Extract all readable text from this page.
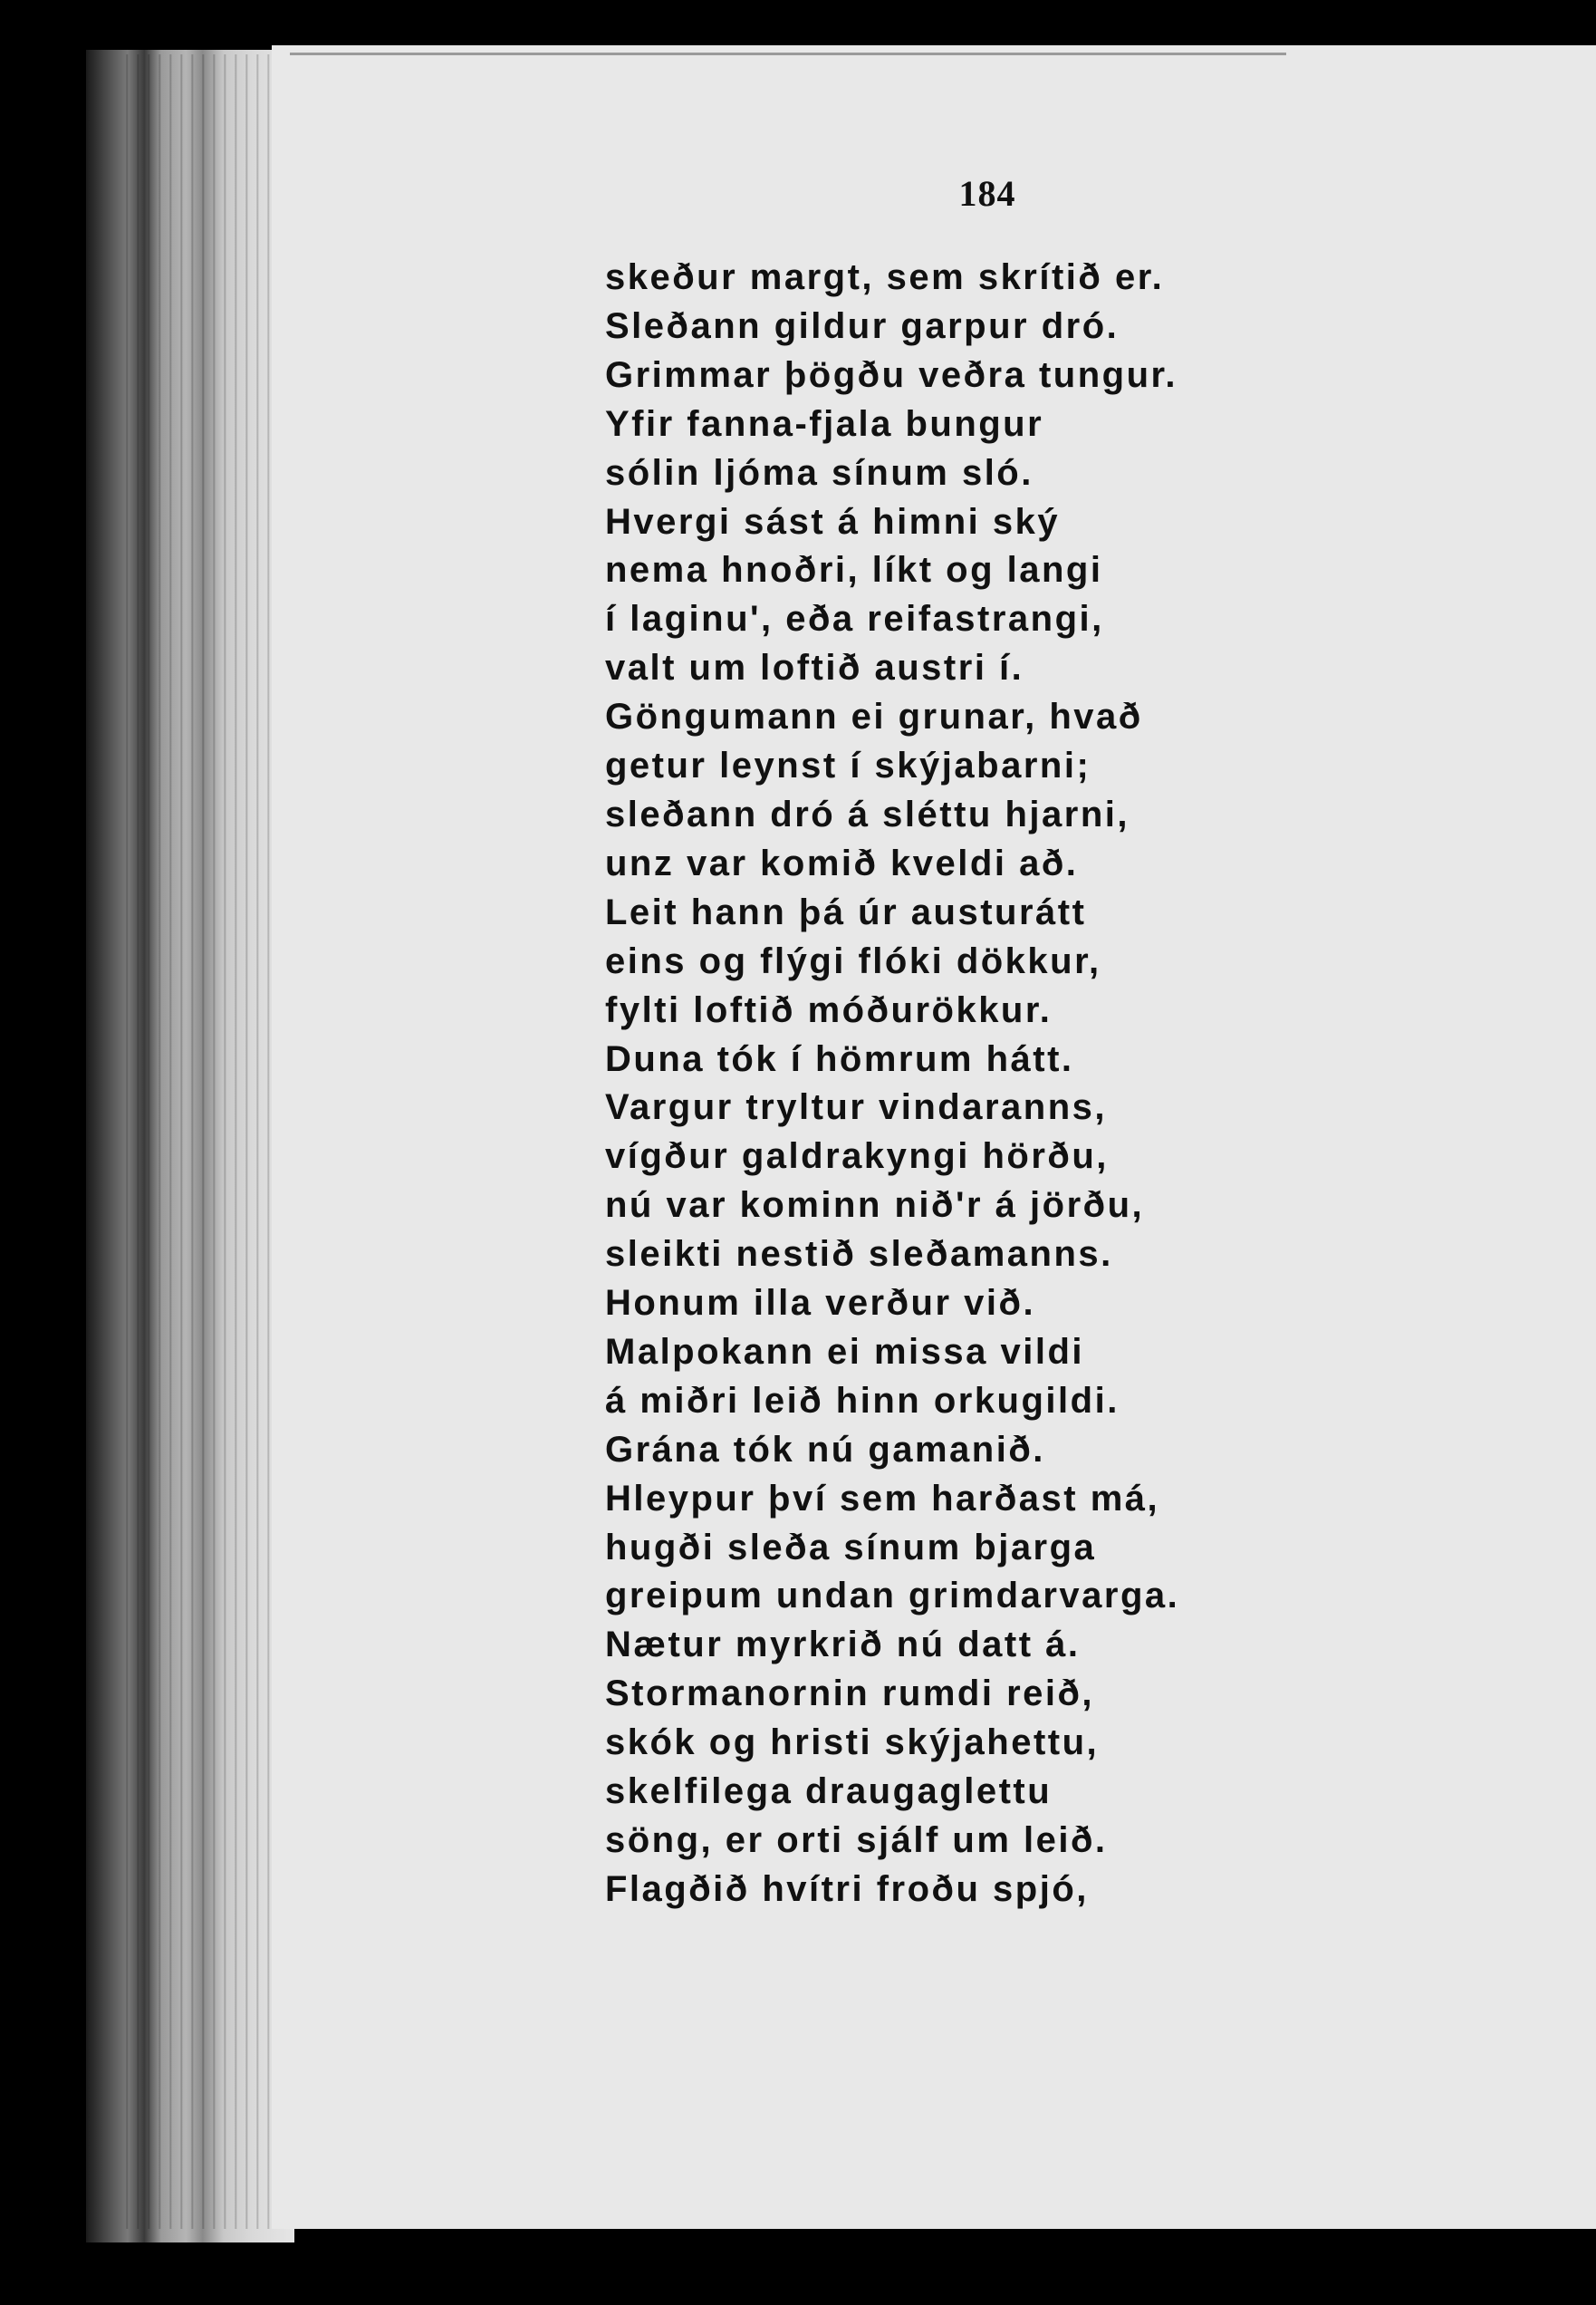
184
skeður margt, sem skrítið er.
Sleðann gildur garpur dró.
Grimmar þögðu veðra tungur.
Yfir fanna-fjala bungur
sólin ljóma sínum sló.
Hvergi sást á himni ský
nema hnoðri, líkt og langi
í laginu', eða reifastrangi,
valt um loftið austri í.
Göngumann ei grunar, hvað
getur leynst í skýjabarni;
sleðann dró á sléttu hjarni,
unz var komið kveldi að.
Leit hann þá úr austurátt
eins og flýgi flóki dökkur,
fylti loftið móðurökkur.
Duna tók í hömrum hátt.
Vargur tryltur vindaranns,
vígður galdrakyngi hörðu,
nú var kominn nið'r á jörðu,
sleikti nestið sleðamanns.
Honum illa verður við.
Malpokann ei missa vildi
á miðri leið hinn orkugildi.
Grána tók nú gamanið.
Hleypur því sem harðast má,
hugði sleða sínum bjarga
greipum undan grimdarvarga.
Nætur myrkrið nú datt á.
Stormanornin rumdi reið,
skók og hristi skýjahettu,
skelfilega draugaglettu
söng, er orti sjálf um leið.
Flagðið hvítri froðu spjó,
